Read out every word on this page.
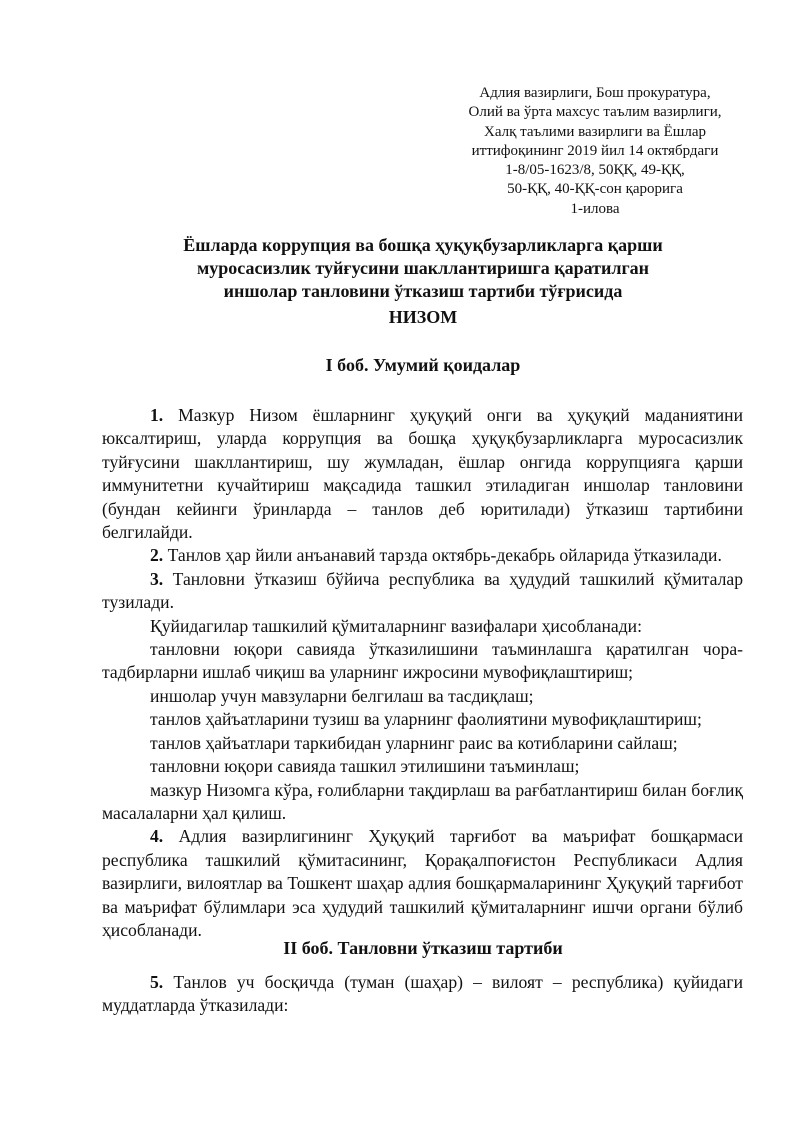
Адлия вазирлиги, Бош прокуратура,
Олий ва ўрта махсус таълим вазирлиги,
Халқ таълими вазирлиги ва Ёшлар
иттифоқининг 2019 йил 14 октябрдаги
1-8/05-1623/8, 50ҚҚ, 49-ҚҚ,
50-ҚҚ, 40-ҚҚ-сон қарорига
1-илова
Ёшларда коррупция ва бошқа ҳуқуқбузарликларга қарши
муросасизлик туйғусини шакллантиришга қаратилган
иншолар танловини ўтказиш тартиби тўғрисида
НИЗОМ
I боб. Умумий қоидалар

1. Мазкур Низом ёшларнинг ҳуқуқий онги ва ҳуқуқий маданиятини юксалтириш, уларда коррупция ва бошқа ҳуқуқбузарликларга муросасизлик туйғусини шакллантириш, шу жумладан, ёшлар онгида коррупцияга қарши иммунитетни кучайтириш мақсадида ташкил этиладиган иншолар танловини (бундан кейинги ўринларда – танлов деб юритилади) ўтказиш тартибини белгилайди.

2. Танлов ҳар йили анъанавий тарзда октябрь-декабрь ойларида ўтказилади.

3. Танловни ўтказиш бўйича республика ва ҳудудий ташкилий қўмиталар тузилади.

Қуйидагилар ташкилий қўмиталарнинг вазифалари ҳисобланади:

танловни юқори савияда ўтказилишини таъминлашга қаратилган чора-тадбирларни ишлаб чиқиш ва уларнинг ижросини мувофиқлаштириш;

иншолар учун мавзуларни белгилаш ва тасдиқлаш;

танлов ҳайъатларини тузиш ва уларнинг фаолиятини мувофиқлаштириш;

танлов ҳайъатлари таркибидан уларнинг раис ва котибларини сайлаш;

танловни юқори савияда ташкил этилишини таъминлаш;

мазкур Низомга кўра, ғолибларни тақдирлаш ва рағбатлантириш билан боғлиқ масалаларни ҳал қилиш.

4. Адлия вазирлигининг Ҳуқуқий тарғибот ва маърифат бошқармаси республика ташкилий қўмитасининг, Қорақалпоғистон Республикаси Адлия вазирлиги, вилоятлар ва Тошкент шаҳар адлия бошқармаларининг Ҳуқуқий тарғибот ва маърифат бўлимлари эса ҳудудий ташкилий қўмиталарнинг ишчи органи бўлиб ҳисобланади.

II боб. Танловни ўтказиш тартиби

5. Танлов уч босқичда (туман (шаҳар) – вилоят – республика) қуйидаги муддатларда ўтказилади:
